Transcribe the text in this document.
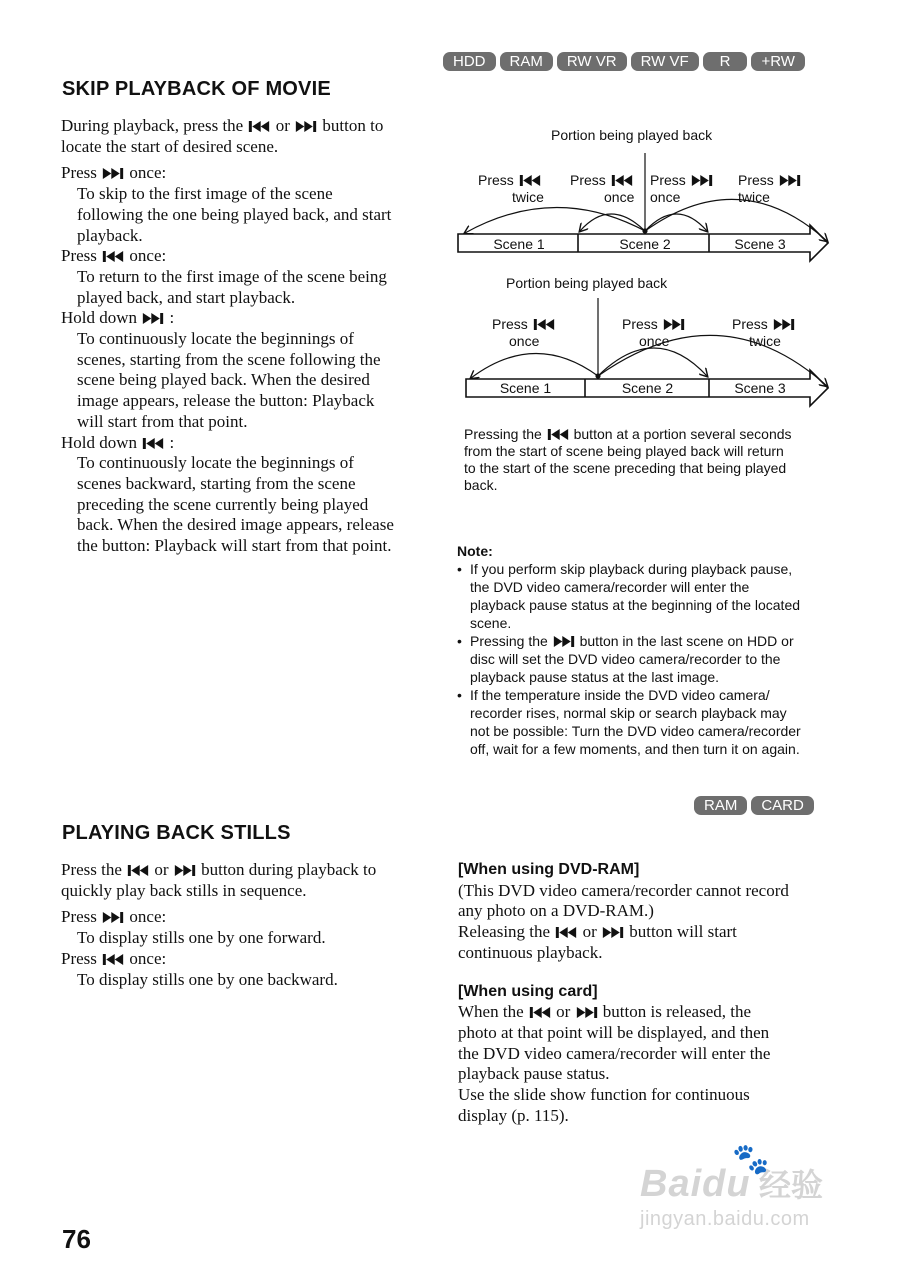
HDD	RAM	RW VR	RW VF	R	+RW
SKIP PLAYBACK OF MOVIE

During playback, press the or button to
locate the start of desired scene.

Press once:

To skip to the first image of the scene
following the one being played back, and start
playback.

Press once:

To return to the first image of the scene being
played back, and start playback.

Hold down :

To continuously locate the beginnings of
scenes, starting from the scene following the
scene being played back. When the desired
image appears, release the button: Playback
will start from that point.

Hold down :

To continuously locate the beginnings of
scenes backward, starting from the scene
preceding the scene currently being played
back. When the desired image appears, release
the button: Playback will start from that point.

Portion being played back
Press

twice
Press

once
Press

once
Press

twice
Scene 1	Scene 2	Scene 3
Portion being played back
Press

once
Press

once
Press

twice
Scene 1	Scene 2	Scene 3
Pressing the button at a portion several seconds
from the start of scene being played back will return
to the start of the scene preceding that being played
back.
Note:
• If you perform skip playback during playback pause,
the DVD video camera/recorder will enter the
playback pause status at the beginning of the located
scene.
• Pressing the button in the last scene on HDD or
disc will set the DVD video camera/recorder to the
playback pause status at the last image.
• If the temperature inside the DVD video camera/
recorder rises, normal skip or search playback may
not be possible: Turn the DVD video camera/recorder
off, wait for a few moments, and then turn it on again.
RAM	CARD
PLAYING BACK STILLS

Press the or button during playback to
quickly play back stills in sequence.

Press once:

To display stills one by one forward.

Press once:

To display stills one by one backward.

[When using DVD-RAM]

(This DVD video camera/recorder cannot record
any photo on a DVD-RAM.)
Releasing the or button will start
continuous playback.

[When using card]

When the or button is released, the
photo at that point will be displayed, and then
the DVD video camera/recorder will enter the
playback pause status.
Use the slide show function for continuous
display (p. 115).

76
🐾
Baidu 经验
jingyan.baidu.com
